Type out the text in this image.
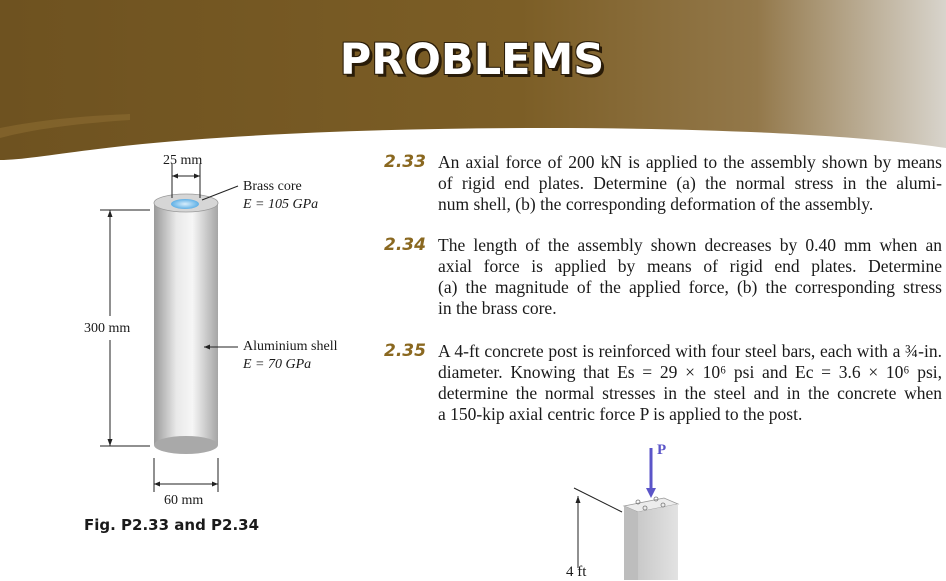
PROBLEMS
25 mm
Brass core
E = 105 GPa
300 mm
Aluminium shell
E = 70 GPa
60 mm
Fig. P2.33 and P2.34
2.33 An axial force of 200 kN is applied to the assembly shown by means
of rigid end plates. Determine (a) the normal stress in the alumi-
num shell, (b) the corresponding deformation of the assembly.
2.34 The length of the assembly shown decreases by 0.40 mm when an
axial force is applied by means of rigid end plates. Determine
(a) the magnitude of the applied force, (b) the corresponding stress
in the brass core.
2.35 A 4-ft concrete post is reinforced with four steel bars, each with a ¾-in.
diameter. Knowing that Es = 29 × 10⁶ psi and Ec = 3.6 × 10⁶ psi,
determine the normal stresses in the steel and in the concrete when
a 150-kip axial centric force P is applied to the post.
P
4 ft
